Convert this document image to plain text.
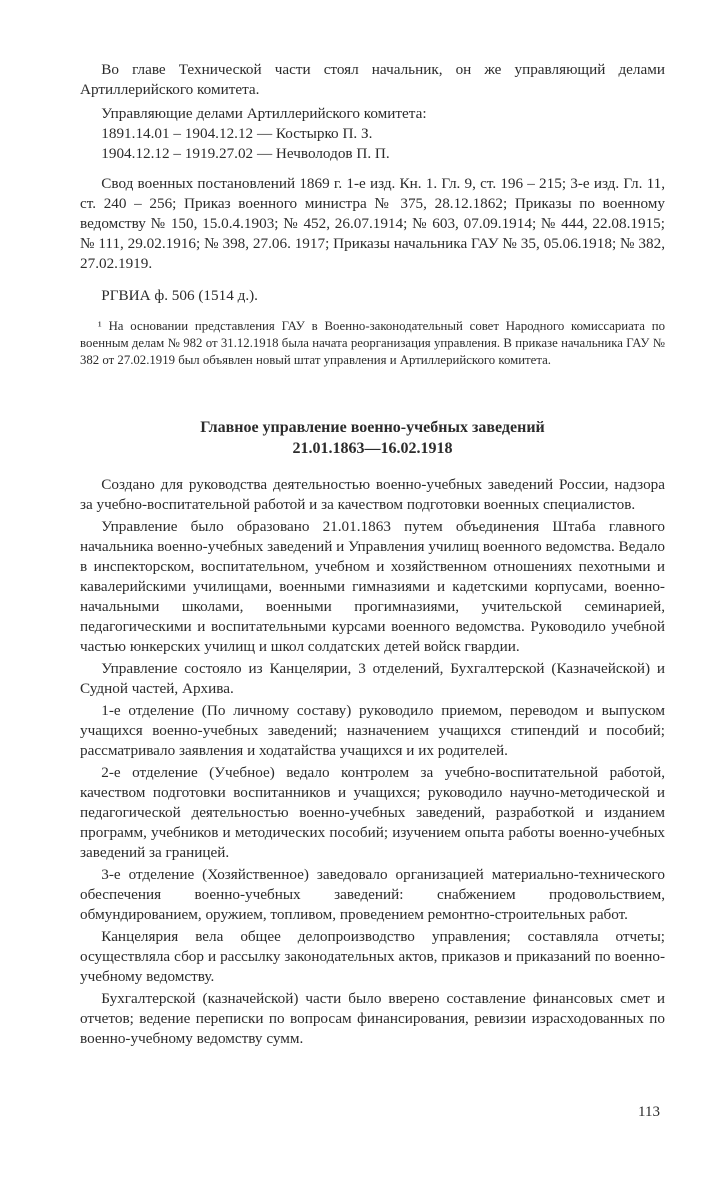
Во главе Технической части стоял начальник, он же управляющий делами Артиллерийского комитета.

Управляющие делами Артиллерийского комитета:

1891.14.01 – 1904.12.12 — Костырко П. З.

1904.12.12 – 1919.27.02 — Нечволодов П. П.

Свод военных постановлений 1869 г. 1-е изд. Кн. 1. Гл. 9, ст. 196 – 215; 3-е изд. Гл. 11, ст. 240 – 256; Приказ военного министра № 375, 28.12.1862; Приказы по военному ведомству № 150, 15.0.4.1903; № 452, 26.07.1914; № 603, 07.09.1914; № 444, 22.08.1915; № 111, 29.02.1916; № 398, 27.06. 1917; Приказы начальника ГАУ № 35, 05.06.1918; № 382, 27.02.1919.

РГВИА ф. 506 (1514 д.).

¹ На основании представления ГАУ в Военно-законодательный совет Народного комиссариата по военным делам № 982 от 31.12.1918 была начата реорганизация управления. В приказе начальника ГАУ № 382 от 27.02.1919 был объявлен новый штат управления и Артиллерийского комитета.

Главное управление военно-учебных заведений
21.01.1863—16.02.1918

Создано для руководства деятельностью военно-учебных заведений России, надзора за учебно-воспитательной работой и за качеством подготовки военных специалистов.

Управление было образовано 21.01.1863 путем объединения Штаба главного начальника военно-учебных заведений и Управления училищ военного ведомства. Ведало в инспекторском, воспитательном, учебном и хозяйственном отношениях пехотными и кавалерийскими училищами, военными гимназиями и кадетскими корпусами, военно-начальными школами, военными прогимназиями, учительской семинарией, педагогическими и воспитательными курсами военного ведомства. Руководило учебной частью юнкерских училищ и школ солдатских детей войск гвардии.

Управление состояло из Канцелярии, 3 отделений, Бухгалтерской (Казначейской) и Судной частей, Архива.

1-е отделение (По личному составу) руководило приемом, переводом и выпуском учащихся военно-учебных заведений; назначением учащихся стипендий и пособий; рассматривало заявления и ходатайства учащихся и их родителей.

2-е отделение (Учебное) ведало контролем за учебно-воспитательной работой, качеством подготовки воспитанников и учащихся; руководило научно-методической и педагогической деятельностью военно-учебных заведений, разработкой и изданием программ, учебников и методических пособий; изучением опыта работы военно-учебных заведений за границей.

3-е отделение (Хозяйственное) заведовало организацией материально-технического обеспечения военно-учебных заведений: снабжением продовольствием, обмундированием, оружием, топливом, проведением ремонтно-строительных работ.

Канцелярия вела общее делопроизводство управления; составляла отчеты; осуществляла сбор и рассылку законодательных актов, приказов и приказаний по военно-учебному ведомству.

Бухгалтерской (казначейской) части было вверено составление финансовых смет и отчетов; ведение переписки по вопросам финансирования, ревизии израсходованных по военно-учебному ведомству сумм.

113
